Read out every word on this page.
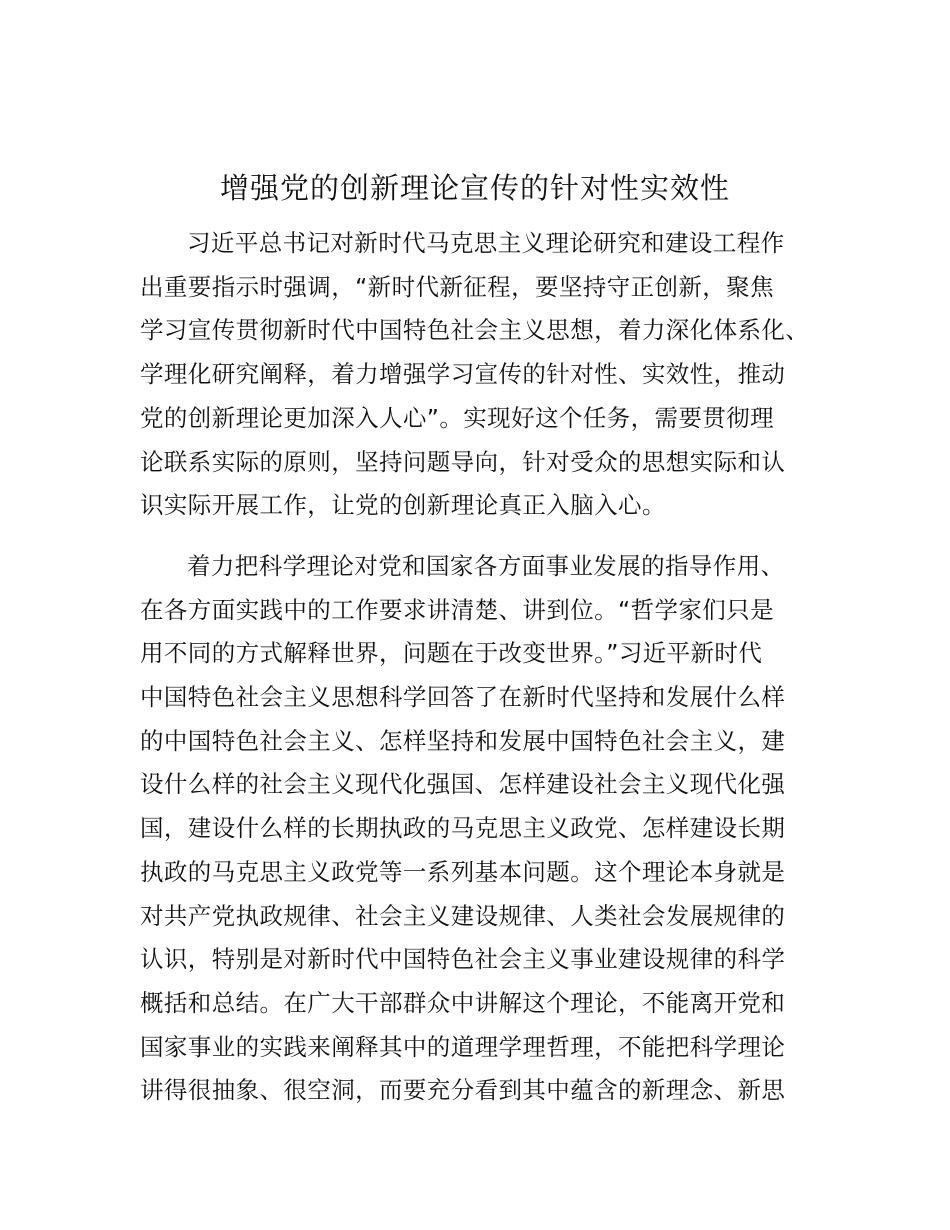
增强党的创新理论宣传的针对性实效性

习近平总书记对新时代马克思主义理论研究和建设工程作
出重要指示时强调，“新时代新征程，要坚持守正创新，聚焦
学习宣传贯彻新时代中国特色社会主义思想，着力深化体系化、
学理化研究阐释，着力增强学习宣传的针对性、实效性，推动
党的创新理论更加深入人心”。实现好这个任务，需要贯彻理
论联系实际的原则，坚持问题导向，针对受众的思想实际和认
识实际开展工作，让党的创新理论真正入脑入心。

着力把科学理论对党和国家各方面事业发展的指导作用、
在各方面实践中的工作要求讲清楚、讲到位。“哲学家们只是
用不同的方式解释世界，问题在于改变世界。”习近平新时代
中国特色社会主义思想科学回答了在新时代坚持和发展什么样
的中国特色社会主义、怎样坚持和发展中国特色社会主义，建
设什么样的社会主义现代化强国、怎样建设社会主义现代化强
国，建设什么样的长期执政的马克思主义政党、怎样建设长期
执政的马克思主义政党等一系列基本问题。这个理论本身就是
对共产党执政规律、社会主义建设规律、人类社会发展规律的
认识，特别是对新时代中国特色社会主义事业建设规律的科学
概括和总结。在广大干部群众中讲解这个理论，不能离开党和
国家事业的实践来阐释其中的道理学理哲理，不能把科学理论
讲得很抽象、很空洞，而要充分看到其中蕴含的新理念、新思
